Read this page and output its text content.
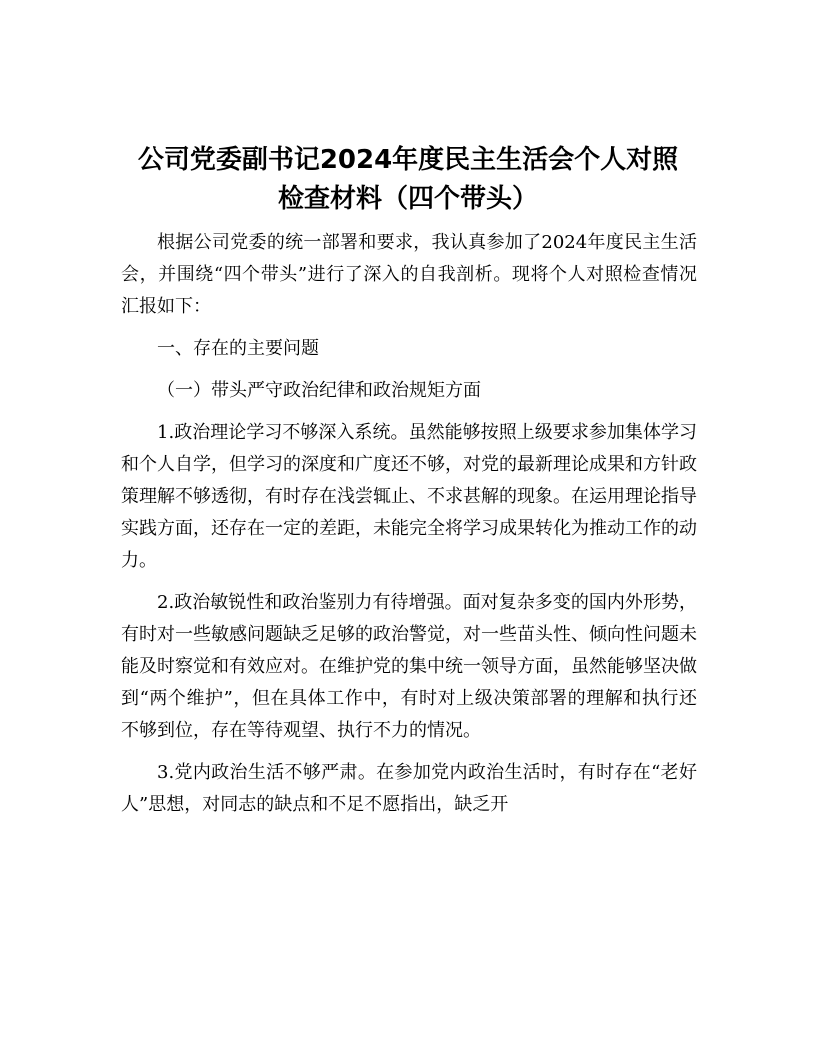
公司党委副书记2024年度民主生活会个人对照
检查材料（四个带头）

根据公司党委的统一部署和要求，我认真参加了2024年度民主生活会，并围绕“四个带头”进行了深入的自我剖析。现将个人对照检查情况汇报如下：

一、存在的主要问题

（一）带头严守政治纪律和政治规矩方面

1.政治理论学习不够深入系统。虽然能够按照上级要求参加集体学习和个人自学，但学习的深度和广度还不够，对党的最新理论成果和方针政策理解不够透彻，有时存在浅尝辄止、不求甚解的现象。在运用理论指导实践方面，还存在一定的差距，未能完全将学习成果转化为推动工作的动力。

2.政治敏锐性和政治鉴别力有待增强。面对复杂多变的国内外形势，有时对一些敏感问题缺乏足够的政治警觉，对一些苗头性、倾向性问题未能及时察觉和有效应对。在维护党的集中统一领导方面，虽然能够坚决做到“两个维护”，但在具体工作中，有时对上级决策部署的理解和执行还不够到位，存在等待观望、执行不力的情况。

3.党内政治生活不够严肃。在参加党内政治生活时，有时存在“老好人”思想，对同志的缺点和不足不愿指出，缺乏开
